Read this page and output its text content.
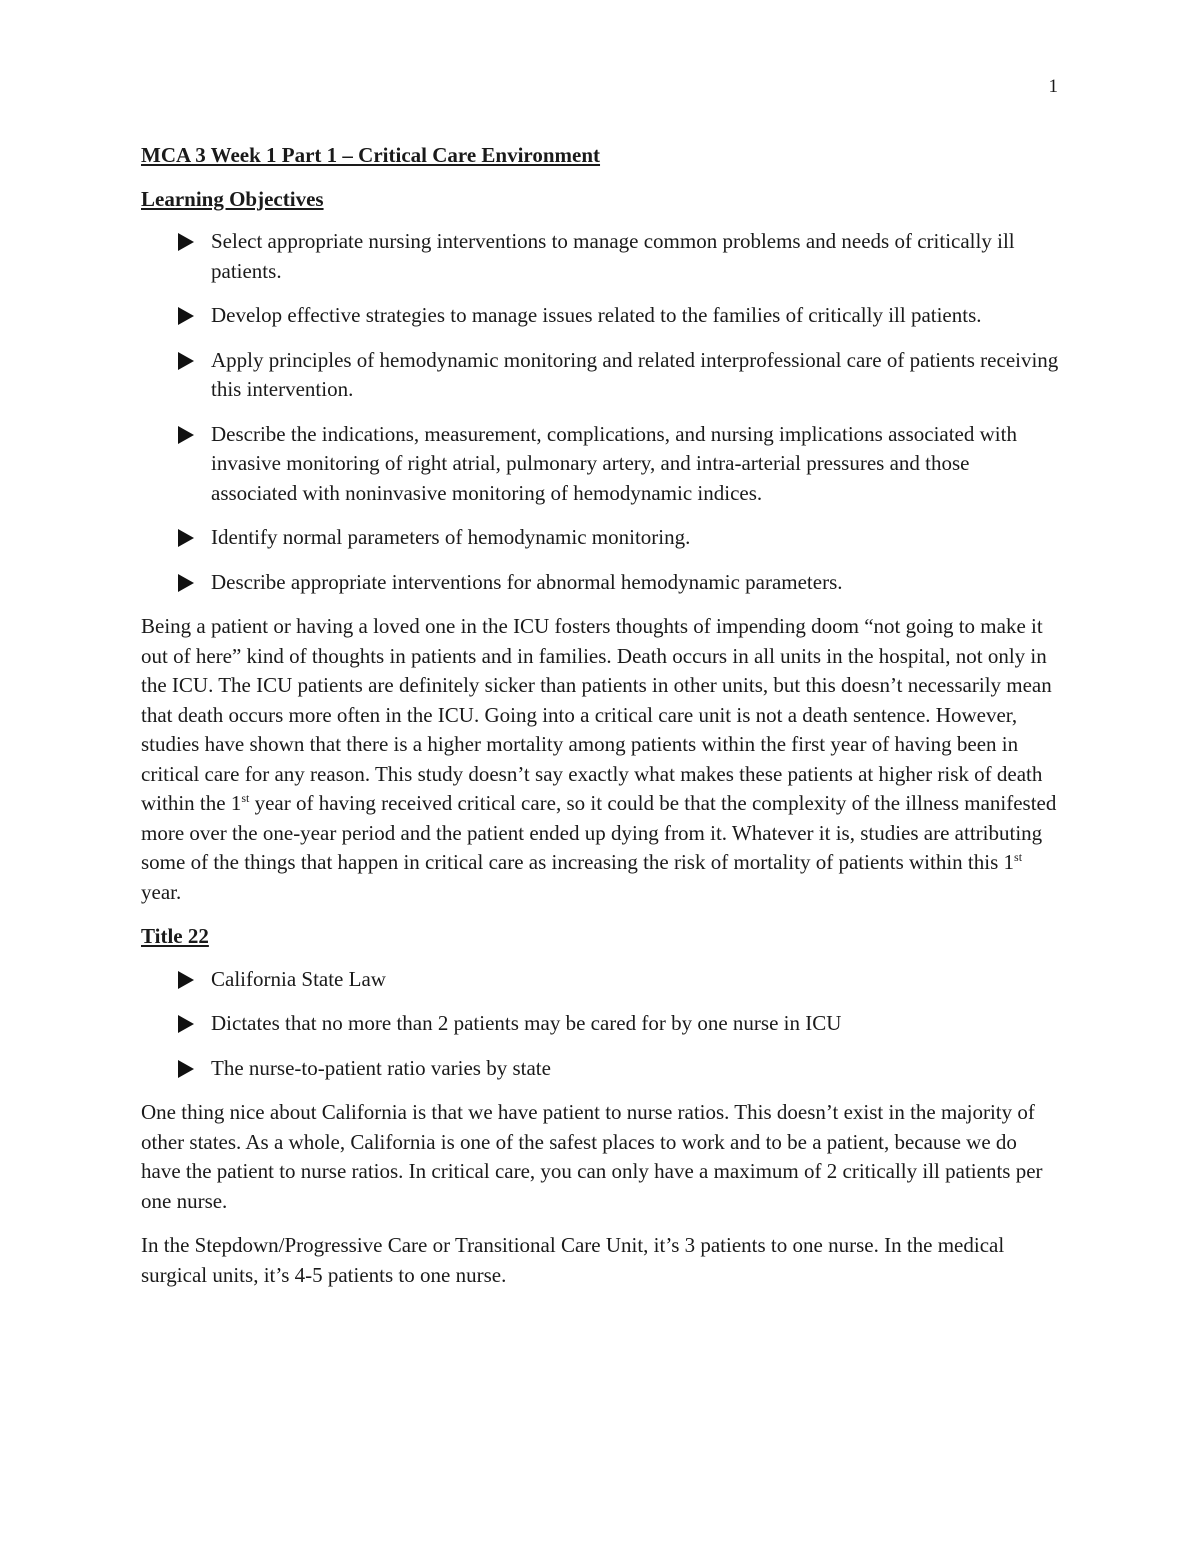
1
MCA 3 Week 1 Part 1 – Critical Care Environment
Learning Objectives
Select appropriate nursing interventions to manage common problems and needs of critically ill patients.
Develop effective strategies to manage issues related to the families of critically ill patients.
Apply principles of hemodynamic monitoring and related interprofessional care of patients receiving this intervention.
Describe the indications, measurement, complications, and nursing implications associated with invasive monitoring of right atrial, pulmonary artery, and intra-arterial pressures and those associated with noninvasive monitoring of hemodynamic indices.
Identify normal parameters of hemodynamic monitoring.
Describe appropriate interventions for abnormal hemodynamic parameters.

Being a patient or having a loved one in the ICU fosters thoughts of impending doom “not going to make it out of here” kind of thoughts in patients and in families. Death occurs in all units in the hospital, not only in the ICU. The ICU patients are definitely sicker than patients in other units, but this doesn’t necessarily mean that death occurs more often in the ICU. Going into a critical care unit is not a death sentence. However, studies have shown that there is a higher mortality among patients within the first year of having been in critical care for any reason. This study doesn’t say exactly what makes these patients at higher risk of death within the 1st year of having received critical care, so it could be that the complexity of the illness manifested more over the one-year period and the patient ended up dying from it. Whatever it is, studies are attributing some of the things that happen in critical care as increasing the risk of mortality of patients within this 1st year.

Title 22
California State Law
Dictates that no more than 2 patients may be cared for by one nurse in ICU
The nurse-to-patient ratio varies by state

One thing nice about California is that we have patient to nurse ratios. This doesn’t exist in the majority of other states. As a whole, California is one of the safest places to work and to be a patient, because we do have the patient to nurse ratios. In critical care, you can only have a maximum of 2 critically ill patients per one nurse.

In the Stepdown/Progressive Care or Transitional Care Unit, it’s 3 patients to one nurse. In the medical surgical units, it’s 4-5 patients to one nurse.
